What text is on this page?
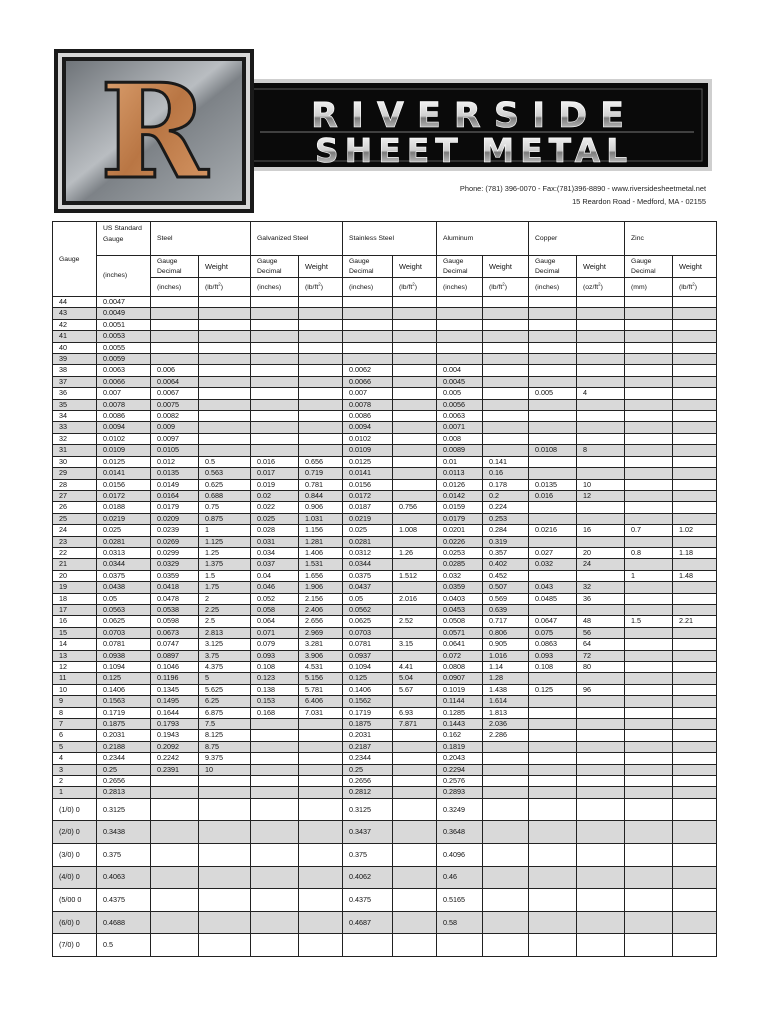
R	RIVERSIDE
SHEET METAL
Phone: (781) 396-0070 - Fax:(781)396-8890 - www.riversidesheetmetal.net
15 Reardon Road - Medford, MA - 02155
Gauge	US Standard Gauge	Steel		Galvanized Steel		Stainless Steel		Aluminum		Copper		Zinc	
	(inches)	Gauge Decimal	Weight	Gauge Decimal	Weight	Gauge Decimal	Weight	Gauge Decimal	Weight	Gauge Decimal	Weight	Gauge Decimal	Weight
		(inches)	$(lb/ft^2)$	(inches)	$(lb/ft^2)$	(inches)	$(lb/ft^2)$	(inches)	$(lb/ft^2)$	(inches)	$(oz/ft^2)$	(mm)	$(lb/ft^2)$
44	0.0047												
43	0.0049												
42	0.0051												
41	0.0053												
40	0.0055												
39	0.0059												
38	0.0063	0.006				0.0062		0.004					
37	0.0066	0.0064				0.0066		0.0045					
36	0.007	0.0067				0.007		0.005		0.005	4		
35	0.0078	0.0075				0.0078		0.0056					
34	0.0086	0.0082				0.0086		0.0063					
33	0.0094	0.009				0.0094		0.0071					
32	0.0102	0.0097				0.0102		0.008					
31	0.0109	0.0105				0.0109		0.0089		0.0108	8		
30	0.0125	0.012	0.5	0.016	0.656	0.0125		0.01	0.141				
29	0.0141	0.0135	0.563	0.017	0.719	0.0141		0.0113	0.16				
28	0.0156	0.0149	0.625	0.019	0.781	0.0156		0.0126	0.178	0.0135	10		
27	0.0172	0.0164	0.688	0.02	0.844	0.0172		0.0142	0.2	0.016	12		
26	0.0188	0.0179	0.75	0.022	0.906	0.0187	0.756	0.0159	0.224				
25	0.0219	0.0209	0.875	0.025	1.031	0.0219		0.0179	0.253				
24	0.025	0.0239	1	0.028	1.156	0.025	1.008	0.0201	0.284	0.0216	16	0.7	1.02
23	0.0281	0.0269	1.125	0.031	1.281	0.0281		0.0226	0.319				
22	0.0313	0.0299	1.25	0.034	1.406	0.0312	1.26	0.0253	0.357	0.027	20	0.8	1.18
21	0.0344	0.0329	1.375	0.037	1.531	0.0344		0.0285	0.402	0.032	24		
20	0.0375	0.0359	1.5	0.04	1.656	0.0375	1.512	0.032	0.452			1	1.48
19	0.0438	0.0418	1.75	0.046	1.906	0.0437		0.0359	0.507	0.043	32		
18	0.05	0.0478	2	0.052	2.156	0.05	2.016	0.0403	0.569	0.0485	36		
17	0.0563	0.0538	2.25	0.058	2.406	0.0562		0.0453	0.639				
16	0.0625	0.0598	2.5	0.064	2.656	0.0625	2.52	0.0508	0.717	0.0647	48	1.5	2.21
15	0.0703	0.0673	2.813	0.071	2.969	0.0703		0.0571	0.806	0.075	56		
14	0.0781	0.0747	3.125	0.079	3.281	0.0781	3.15	0.0641	0.905	0.0863	64		
13	0.0938	0.0897	3.75	0.093	3.906	0.0937		0.072	1.016	0.093	72		
12	0.1094	0.1046	4.375	0.108	4.531	0.1094	4.41	0.0808	1.14	0.108	80		
11	0.125	0.1196	5	0.123	5.156	0.125	5.04	0.0907	1.28				
10	0.1406	0.1345	5.625	0.138	5.781	0.1406	5.67	0.1019	1.438	0.125	96		
9	0.1563	0.1495	6.25	0.153	6.406	0.1562		0.1144	1.614				
8	0.1719	0.1644	6.875	0.168	7.031	0.1719	6.93	0.1285	1.813				
7	0.1875	0.1793	7.5			0.1875	7.871	0.1443	2.036				
6	0.2031	0.1943	8.125			0.2031		0.162	2.286				
5	0.2188	0.2092	8.75			0.2187		0.1819					
4	0.2344	0.2242	9.375			0.2344		0.2043					
3	0.25	0.2391	10			0.25		0.2294					
2	0.2656					0.2656		0.2576					
1	0.2813					0.2812		0.2893					
(1/0) 0	0.3125					0.3125		0.3249					
(2/0) 0	0.3438					0.3437		0.3648					
(3/0) 0	0.375					0.375		0.4096					
(4/0) 0	0.4063					0.4062		0.46					
(5/00 0	0.4375					0.4375		0.5165					
(6/0) 0	0.4688					0.4687		0.58					
(7/0) 0	0.5												
